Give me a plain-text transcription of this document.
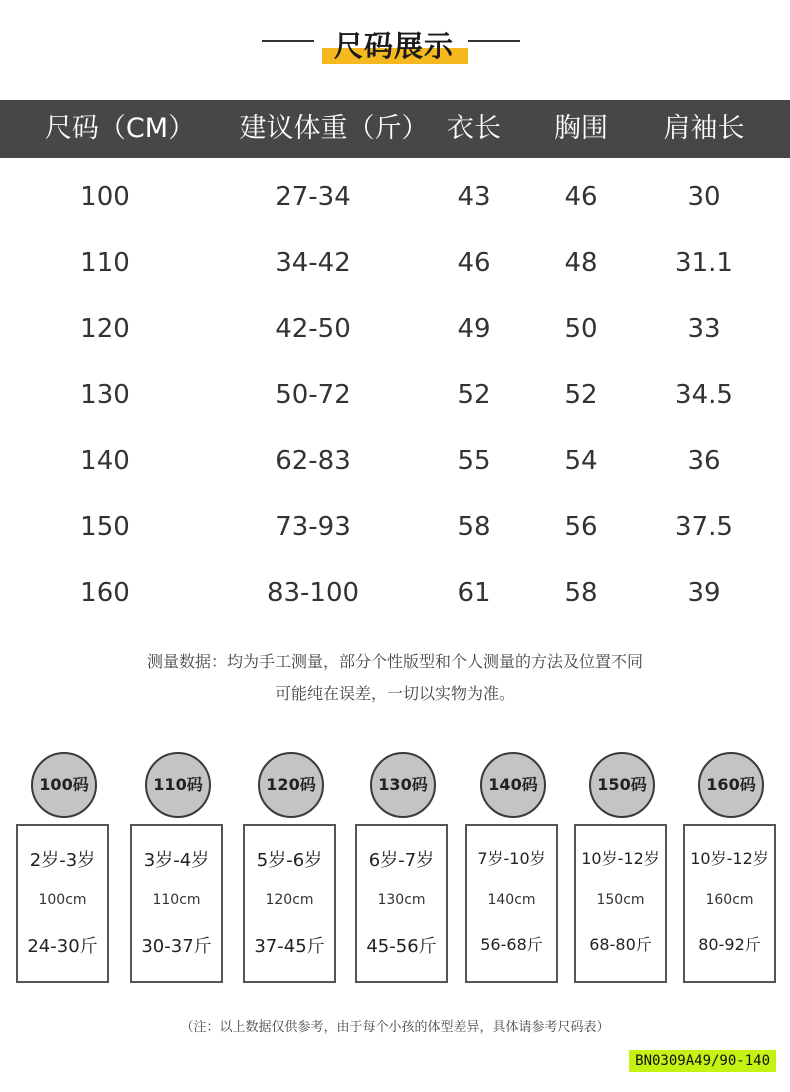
尺码展示
尺码（CM） 建议体重（斤） 衣长	胸围	肩袖长
100	27-34	43	46	30
110	34-42	46	48	31.1
120	42-50	49	50	33
130	50-72	52	52	34.5
140	62-83	55	54	36
150	73-93	58	56	37.5
160	83-100	61	58	39
测量数据：均为手工测量，部分个性版型和个人测量的方法及位置不同
可能纯在误差，一切以实物为准。
100码
2岁-3岁
100cm
24-30斤
110码
3岁-4岁
110cm
30-37斤
120码
5岁-6岁
120cm
37-45斤
130码
6岁-7岁
130cm
45-56斤
140码
7岁-10岁
140cm
56-68斤
150码
10岁-12岁
150cm
68-80斤
160码
10岁-12岁
160cm
80-92斤
（注：以上数据仅供参考，由于每个小孩的体型差异，具体请参考尺码表）
BN0309A49/90-140
